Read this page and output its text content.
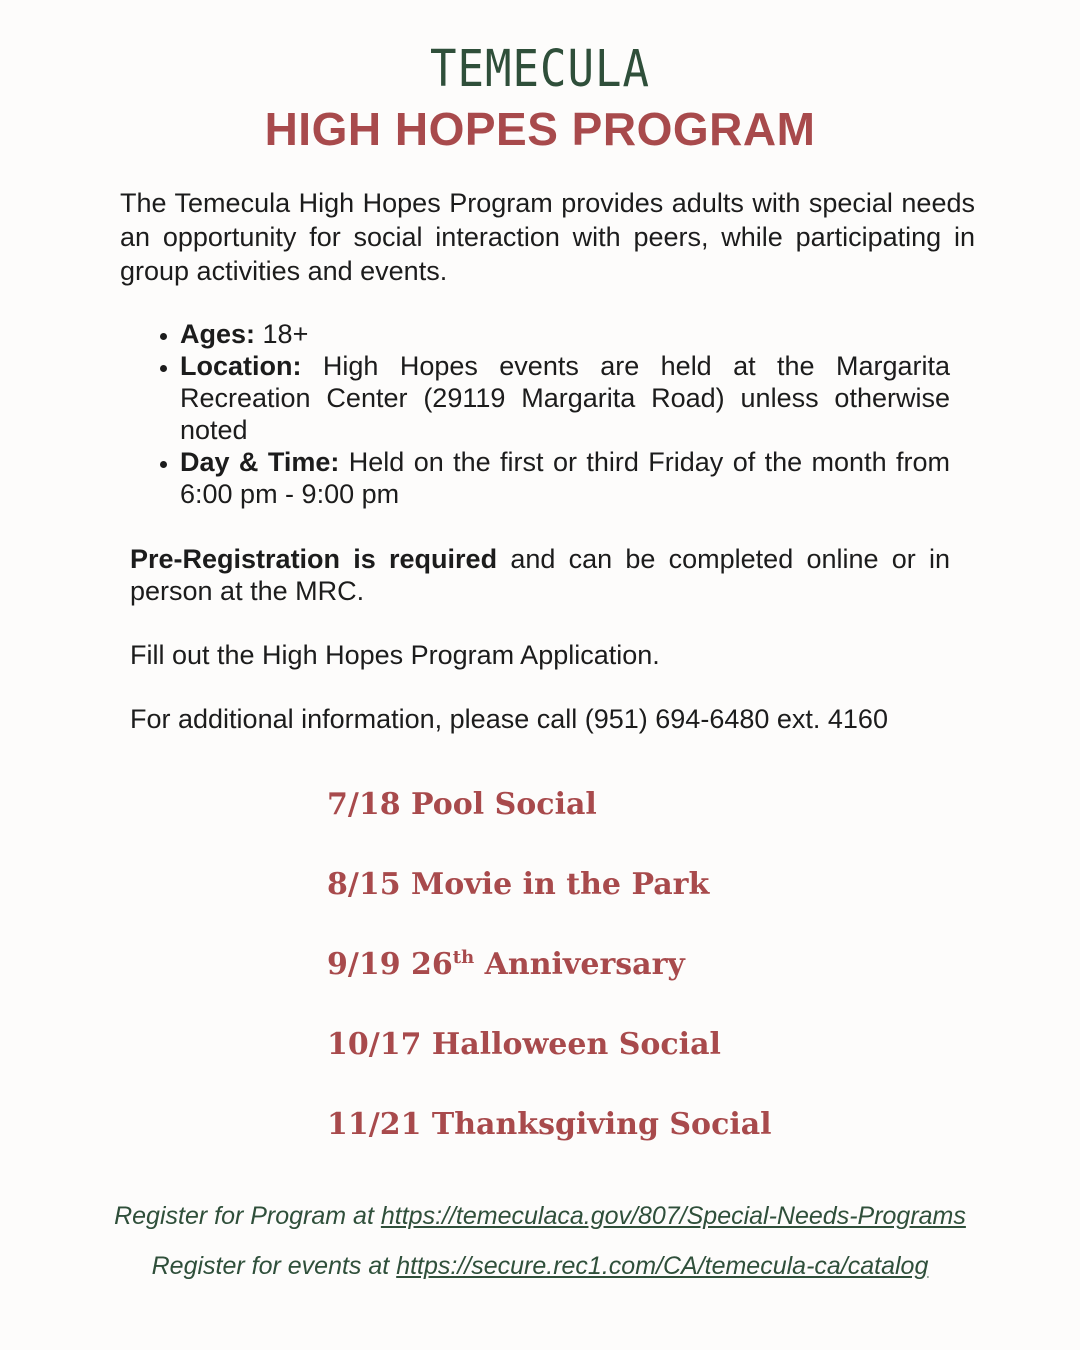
TEMECULA
HIGH HOPES PROGRAM

The Temecula High Hopes Program provides adults with special needs an opportunity for social interaction with peers, while participating in group activities and events.

• Ages: 18+
• Location: High Hopes events are held at the Margarita Recreation Center (29119 Margarita Road) unless otherwise noted
• Day & Time: Held on the first or third Friday of the month from 6:00 pm - 9:00 pm

Pre-Registration is required and can be completed online or in person at the MRC.

Fill out the High Hopes Program Application.

For additional information, please call (951) 694-6480 ext. 4160

7/18 Pool Social
8/15 Movie in the Park
9/19 26th Anniversary
10/17 Halloween Social
11/21 Thanksgiving Social
Register for Program at https://temeculaca.gov/807/Special-Needs-Programs
Register for events at https://secure.rec1.com/CA/temecula-ca/catalog
